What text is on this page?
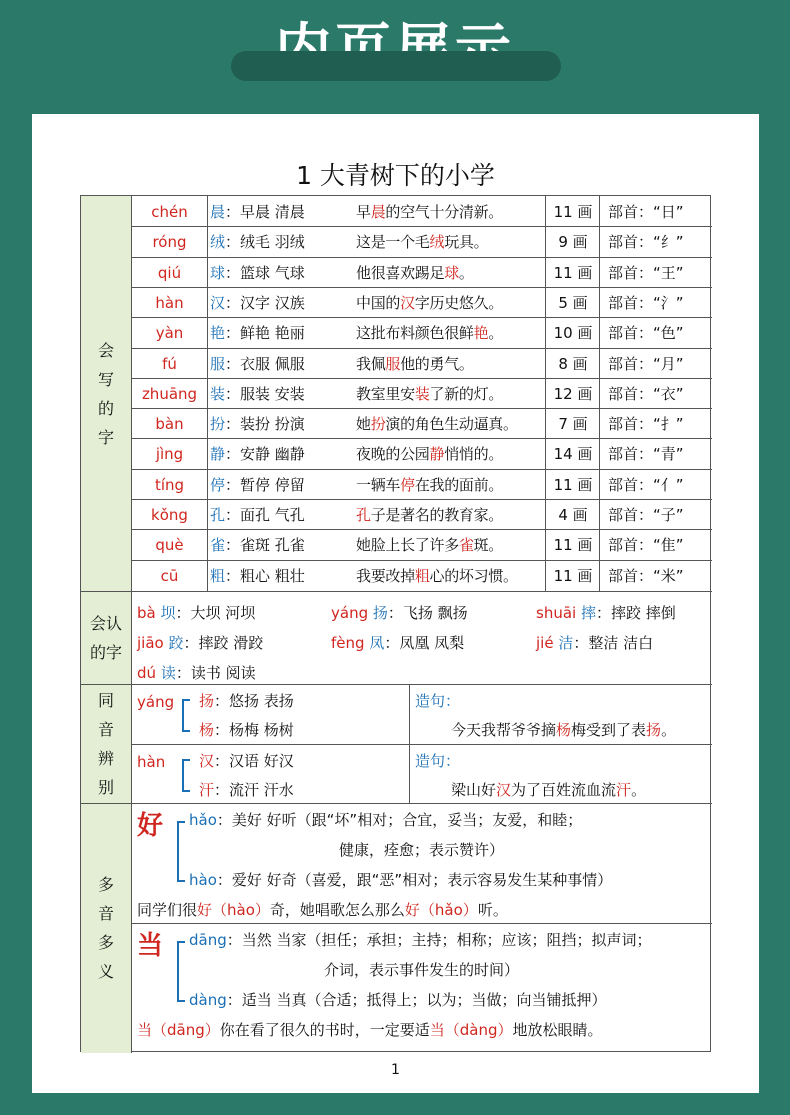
1 大青树下的小学
会写的字
会认的字
同音辨别
多音多义
chén	晨：早晨 清晨	早晨的空气十分清新。	11 画	部首：“日”
róng	绒：绒毛 羽绒	这是一个毛绒玩具。	9 画	部首：“纟”
qiú	球：篮球 气球	他很喜欢踢足球。	11 画	部首：“王”
hàn	汉：汉字 汉族	中国的汉字历史悠久。	5 画	部首：“氵”
yàn	艳：鲜艳 艳丽	这批布料颜色很鲜艳。	10 画	部首：“色”
fú	服：衣服 佩服	我佩服他的勇气。	8 画	部首：“月”
zhuāng 装：服装 安装	教室里安装了新的灯。	12 画	部首：“衣”
bàn	扮：装扮 扮演	她扮演的角色生动逼真。	7 画	部首：“扌”
jìng	静：安静 幽静	夜晚的公园静悄悄的。	14 画	部首：“青”
tíng	停：暂停 停留	一辆车停在我的面前。	11 画	部首：“亻”
kǒng	孔：面孔 气孔	孔子是著名的教育家。	4 画	部首：“子”
què	雀：雀斑 孔雀	她脸上长了许多雀斑。	11 画	部首：“隹”
cū	粗：粗心 粗壮	我要改掉粗心的坏习惯。	11 画	部首：“米”
bà 坝：大坝 河坝	yáng 扬：飞扬 飘扬	shuāi 摔：摔跤 摔倒
jiāo 跤：摔跤 滑跤	fèng 凤：凤凰 凤梨	jié 洁：整洁 洁白
dú 读：读书 阅读
yáng 扬：悠扬 表扬
杨：杨梅 杨树
造句：
今天我帮爷爷摘杨梅受到了表扬。
hàn 汉：汉语 好汉
汗：流汗 汗水
造句：
梁山好汉为了百姓流血流汗。
好 hǎo：美好 好听（跟“坏”相对；合宜，妥当；友爱，和睦；
健康，痊愈；表示赞许）
hào：爱好 好奇（喜爱，跟“恶”相对；表示容易发生某种事情）
同学们很好（hào）奇，她唱歌怎么那么好（hǎo）听。
当 dāng：当然 当家（担任；承担；主持；相称；应该；阻挡；拟声词；
介词，表示事件发生的时间）
dàng：适当 当真（合适；抵得上；以为；当做；向当铺抵押）
当（dāng）你在看了很久的书时，一定要适当（dàng）地放松眼睛。
1
